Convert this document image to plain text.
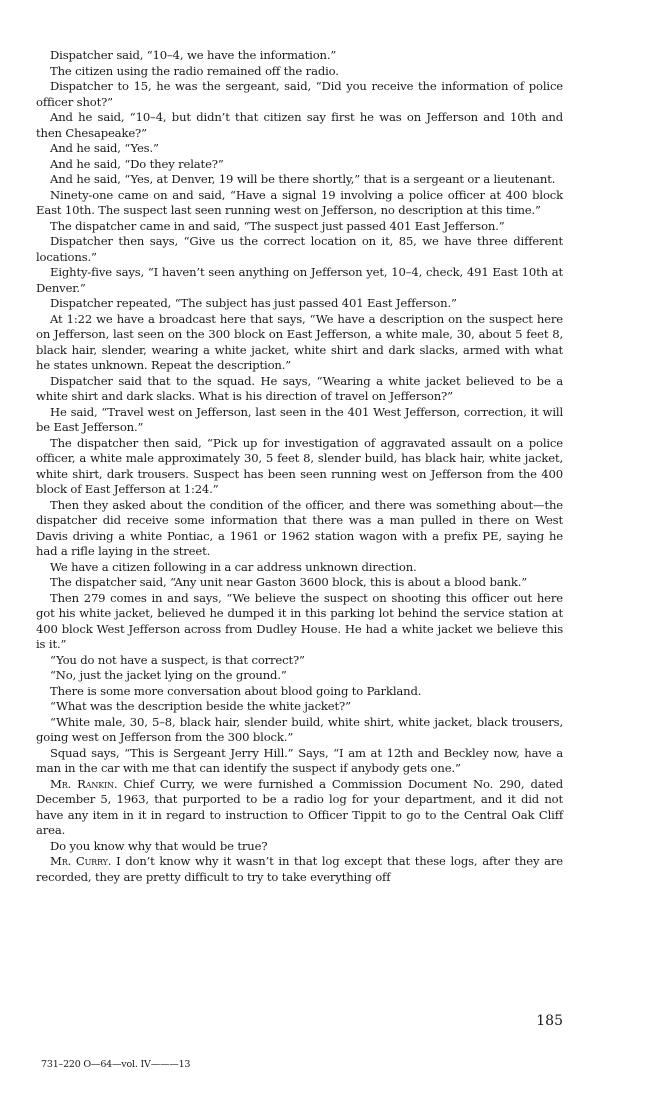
Dispatcher said, “10–4, we have the information.”

The citizen using the radio remained off the radio.

Dispatcher to 15, he was the sergeant, said, “Did you receive the information of police officer shot?”

And he said, “10–4, but didn’t that citizen say first he was on Jefferson and 10th and then Chesapeake?”

And he said, “Yes.”

And he said, “Do they relate?”

And he said, “Yes, at Denver, 19 will be there shortly,” that is a sergeant or a lieutenant.

Ninety-one came on and said, “Have a signal 19 involving a police officer at 400 block East 10th. The suspect last seen running west on Jefferson, no description at this time.”

The dispatcher came in and said, “The suspect just passed 401 East Jefferson.”

Dispatcher then says, “Give us the correct location on it, 85, we have three different locations.”

Eighty-five says, “I haven’t seen anything on Jefferson yet, 10–4, check, 491 East 10th at Denver.”

Dispatcher repeated, “The subject has just passed 401 East Jefferson.”

At 1:22 we have a broadcast here that says, “We have a description on the suspect here on Jefferson, last seen on the 300 block on East Jefferson, a white male, 30, about 5 feet 8, black hair, slender, wearing a white jacket, white shirt and dark slacks, armed with what he states unknown. Repeat the description.”

Dispatcher said that to the squad. He says, “Wearing a white jacket believed to be a white shirt and dark slacks. What is his direction of travel on Jefferson?”

He said, “Travel west on Jefferson, last seen in the 401 West Jefferson, correction, it will be East Jefferson.”

The dispatcher then said, “Pick up for investigation of aggravated assault on a police officer, a white male approximately 30, 5 feet 8, slender build, has black hair, white jacket, white shirt, dark trousers. Suspect has been seen running west on Jefferson from the 400 block of East Jefferson at 1:24.”

Then they asked about the condition of the officer, and there was something about—the dispatcher did receive some information that there was a man pulled in there on West Davis driving a white Pontiac, a 1961 or 1962 station wagon with a prefix PE, saying he had a rifle laying in the street.

We have a citizen following in a car address unknown direction.

The dispatcher said, “Any unit near Gaston 3600 block, this is about a blood bank.”

Then 279 comes in and says, “We believe the suspect on shooting this officer out here got his white jacket, believed he dumped it in this parking lot behind the service station at 400 block West Jefferson across from Dudley House. He had a white jacket we believe this is it.”

“You do not have a suspect, is that correct?”

“No, just the jacket lying on the ground.”

There is some more conversation about blood going to Parkland.

“What was the description beside the white jacket?”

“White male, 30, 5–8, black hair, slender build, white shirt, white jacket, black trousers, going west on Jefferson from the 300 block.”

Squad says, “This is Sergeant Jerry Hill.” Says, “I am at 12th and Beckley now, have a man in the car with me that can identify the suspect if anybody gets one.”

Mr. Rankin. Chief Curry, we were furnished a Commission Document No. 290, dated December 5, 1963, that purported to be a radio log for your department, and it did not have any item in it in regard to instruction to Officer Tippit to go to the Central Oak Cliff area.

Do you know why that would be true?

Mr. Curry. I don’t know why it wasn’t in that log except that these logs, after they are recorded, they are pretty difficult to try to take everything off

185
731–220 O—64—vol. IV———13
